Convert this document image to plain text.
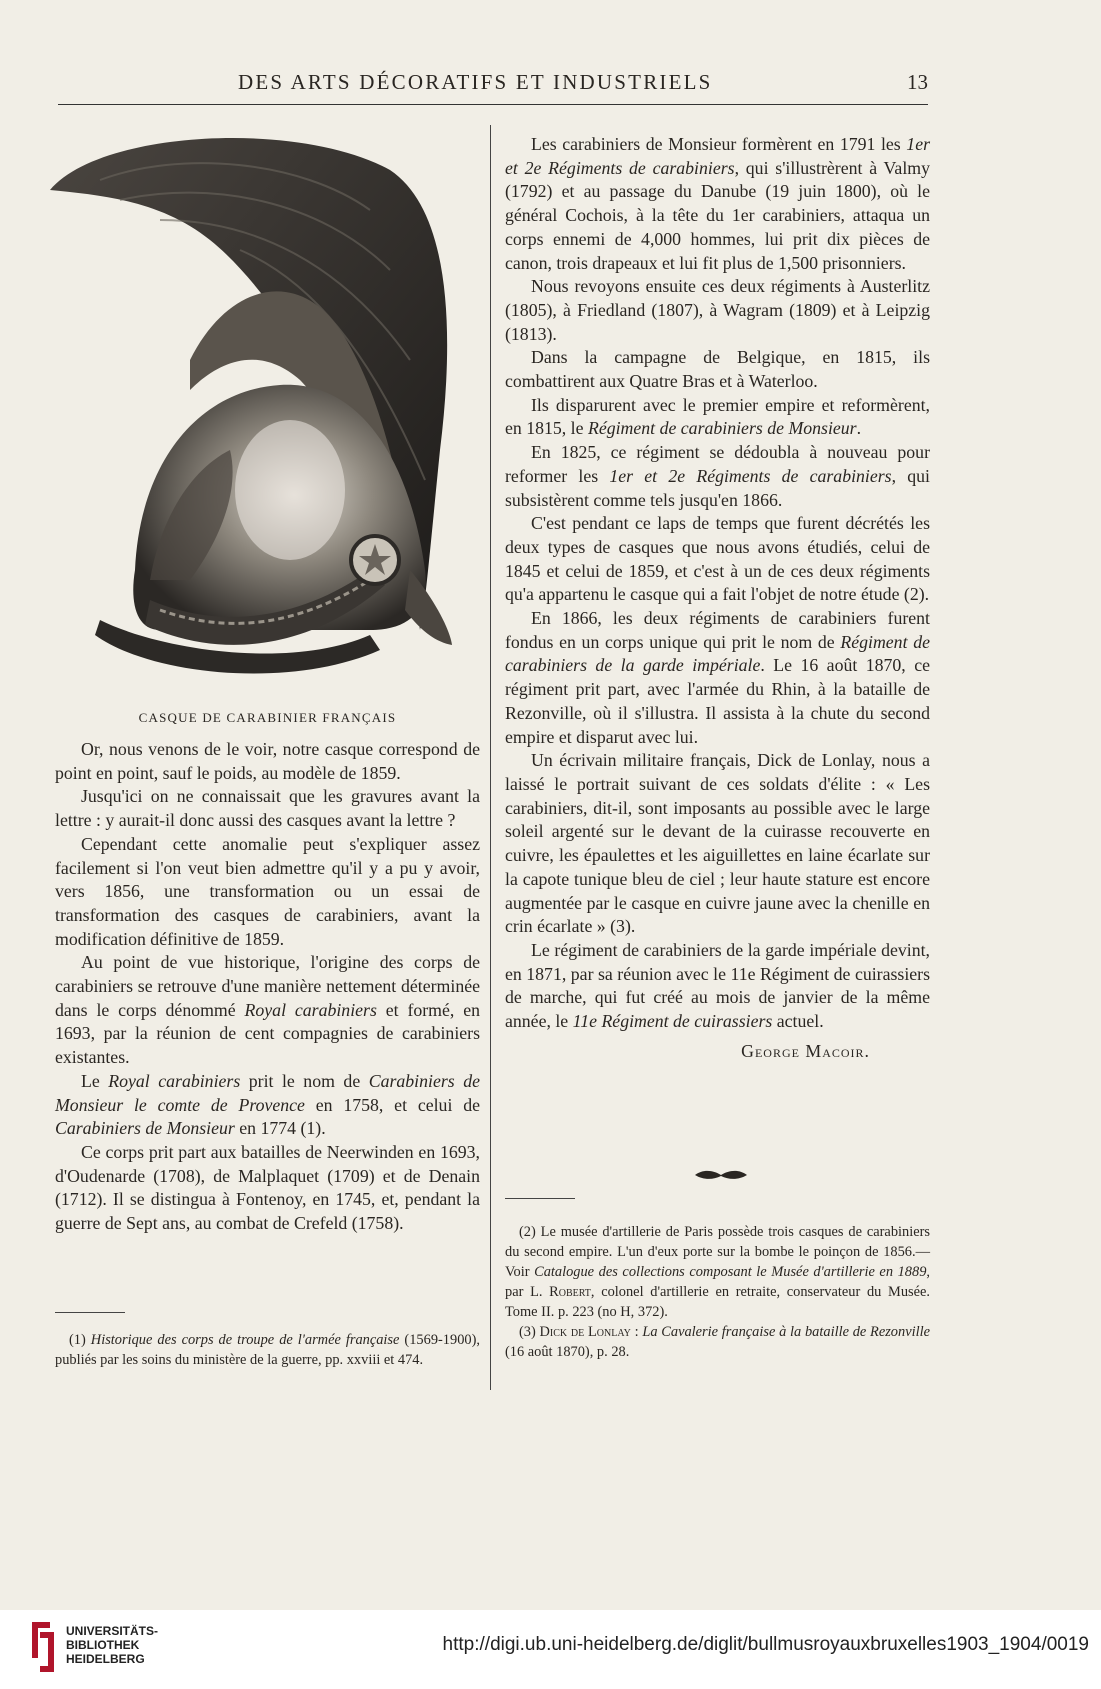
DES ARTS DÉCORATIFS ET INDUSTRIELS	13
CASQUE DE CARABINIER FRANÇAIS

Or, nous venons de le voir, notre casque correspond de point en point, sauf le poids, au modèle de 1859.

Jusqu'ici on ne connaissait que les gravures avant la lettre : y aurait-il donc aussi des casques avant la lettre ?

Cependant cette anomalie peut s'expliquer assez facilement si l'on veut bien admettre qu'il y a pu y avoir, vers 1856, une transformation ou un essai de transformation des casques de carabiniers, avant la modification définitive de 1859.

Au point de vue historique, l'origine des corps de carabiniers se retrouve d'une manière nettement déterminée dans le corps dénommé Royal carabiniers et formé, en 1693, par la réunion de cent compagnies de carabiniers existantes.

Le Royal carabiniers prit le nom de Carabiniers de Monsieur le comte de Provence en 1758, et celui de Carabiniers de Monsieur en 1774 (1).

Ce corps prit part aux batailles de Neerwinden en 1693, d'Oudenarde (1708), de Malplaquet (1709) et de Denain (1712). Il se distingua à Fontenoy, en 1745, et, pendant la guerre de Sept ans, au combat de Crefeld (1758).

Les carabiniers de Monsieur formèrent en 1791 les 1er et 2e Régiments de carabiniers, qui s'illustrèrent à Valmy (1792) et au passage du Danube (19 juin 1800), où le général Cochois, à la tête du 1er carabiniers, attaqua un corps ennemi de 4,000 hommes, lui prit dix pièces de canon, trois drapeaux et lui fit plus de 1,500 prisonniers.

Nous revoyons ensuite ces deux régiments à Austerlitz (1805), à Friedland (1807), à Wagram (1809) et à Leipzig (1813).

Dans la campagne de Belgique, en 1815, ils combattirent aux Quatre Bras et à Waterloo.

Ils disparurent avec le premier empire et reformèrent, en 1815, le Régiment de carabiniers de Monsieur.

En 1825, ce régiment se dédoubla à nouveau pour reformer les 1er et 2e Régiments de carabiniers, qui subsistèrent comme tels jusqu'en 1866.

C'est pendant ce laps de temps que furent décrétés les deux types de casques que nous avons étudiés, celui de 1845 et celui de 1859, et c'est à un de ces deux régiments qu'a appartenu le casque qui a fait l'objet de notre étude (2).

En 1866, les deux régiments de carabiniers furent fondus en un corps unique qui prit le nom de Régiment de carabiniers de la garde impériale. Le 16 août 1870, ce régiment prit part, avec l'armée du Rhin, à la bataille de Rezonville, où il s'illustra. Il assista à la chute du second empire et disparut avec lui.

Un écrivain militaire français, Dick de Lonlay, nous a laissé le portrait suivant de ces soldats d'élite : « Les carabiniers, dit-il, sont imposants au possible avec le large soleil argenté sur le devant de la cuirasse recouverte en cuivre, les épaulettes et les aiguillettes en laine écarlate sur la capote tunique bleu de ciel ; leur haute stature est encore augmentée par le casque en cuivre jaune avec la chenille en crin écarlate » (3).

Le régiment de carabiniers de la garde impériale devint, en 1871, par sa réunion avec le 11e Régiment de cuirassiers de marche, qui fut créé au mois de janvier de la même année, le 11e Régiment de cuirassiers actuel.

George Macoir.

(1) Historique des corps de troupe de l'armée française (1569-1900), publiés par les soins du ministère de la guerre, pp. xxviii et 474.

(2) Le musée d'artillerie de Paris possède trois casques de carabiniers du second empire. L'un d'eux porte sur la bombe le poinçon de 1856.—Voir Catalogue des collections composant le Musée d'artillerie en 1889, par L. Robert, colonel d'artillerie en retraite, conservateur du Musée. Tome II. p. 223 (no H, 372).

(3) Dick de Lonlay : La Cavalerie française à la bataille de Rezonville (16 août 1870), p. 28.

UNIVERSITÄTS-
BIBLIOTHEK
HEIDELBERG
http://digi.ub.uni-heidelberg.de/diglit/bullmusroyauxbruxelles1903_1904/0019
